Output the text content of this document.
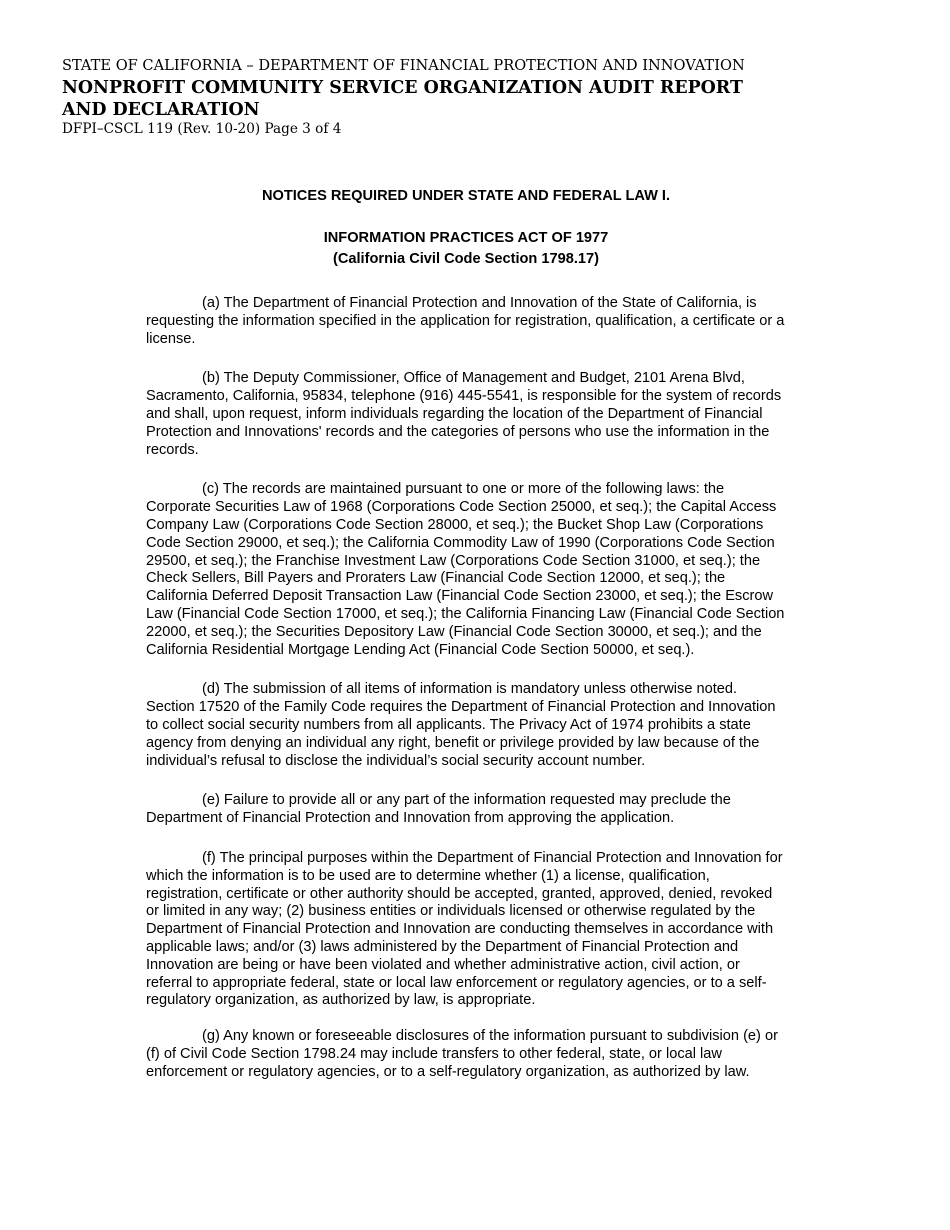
STATE OF CALIFORNIA – DEPARTMENT OF FINANCIAL PROTECTION AND INNOVATION
NONPROFIT COMMUNITY SERVICE ORGANIZATION AUDIT REPORT AND DECLARATION
DFPI–CSCL 119 (Rev. 10-20) Page 3 of 4
NOTICES REQUIRED UNDER STATE AND FEDERAL LAW I.
INFORMATION PRACTICES ACT OF 1977
(California Civil Code Section 1798.17)

(a) The Department of Financial Protection and Innovation of the State of California, is requesting the information specified in the application for registration, qualification, a certificate or a license.

(b) The Deputy Commissioner, Office of Management and Budget, 2101 Arena Blvd, Sacramento, California, 95834, telephone (916) 445-5541, is responsible for the system of records and shall, upon request, inform individuals regarding the location of the Department of Financial Protection and Innovations' records and the categories of persons who use the information in the records.

(c) The records are maintained pursuant to one or more of the following laws: the Corporate Securities Law of 1968 (Corporations Code Section 25000, et seq.); the Capital Access Company Law (Corporations Code Section 28000, et seq.); the Bucket Shop Law (Corporations Code Section 29000, et seq.); the California Commodity Law of 1990 (Corporations Code Section 29500, et seq.); the Franchise Investment Law (Corporations Code Section 31000, et seq.); the Check Sellers, Bill Payers and Proraters Law (Financial Code Section 12000, et seq.); the California Deferred Deposit Transaction Law (Financial Code Section 23000, et seq.); the Escrow Law (Financial Code Section 17000, et seq.); the California Financing Law (Financial Code Section 22000, et seq.); the Securities Depository Law (Financial Code Section 30000, et seq.); and the California Residential Mortgage Lending Act (Financial Code Section 50000, et seq.).

(d) The submission of all items of information is mandatory unless otherwise noted. Section 17520 of the Family Code requires the Department of Financial Protection and Innovation to collect social security numbers from all applicants. The Privacy Act of 1974 prohibits a state agency from denying an individual any right, benefit or privilege provided by law because of the individual’s refusal to disclose the individual’s social security account number.

(e) Failure to provide all or any part of the information requested may preclude the Department of Financial Protection and Innovation from approving the application.

(f) The principal purposes within the Department of Financial Protection and Innovation for which the information is to be used are to determine whether (1) a license, qualification, registration, certificate or other authority should be accepted, granted, approved, denied, revoked or limited in any way; (2) business entities or individuals licensed or otherwise regulated by the Department of Financial Protection and Innovation are conducting themselves in accordance with applicable laws; and/or (3) laws administered by the Department of Financial Protection and Innovation are being or have been violated and whether administrative action, civil action, or referral to appropriate federal, state or local law enforcement or regulatory agencies, or to a self-regulatory organization, as authorized by law, is appropriate.

(g) Any known or foreseeable disclosures of the information pursuant to subdivision (e) or (f) of Civil Code Section 1798.24 may include transfers to other federal, state, or local law enforcement or regulatory agencies, or to a self-regulatory organization, as authorized by law.
